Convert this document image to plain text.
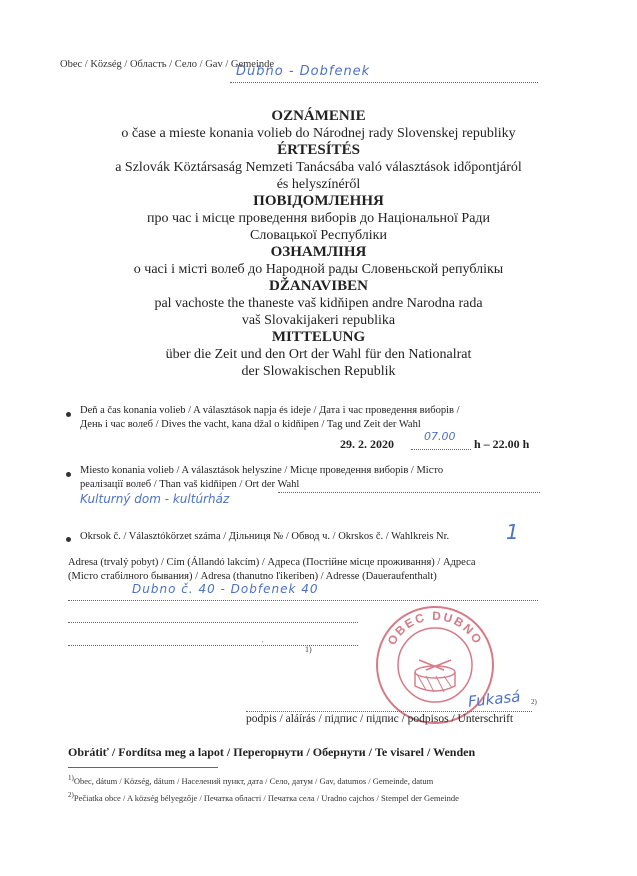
Obec / Község / Область / Село / Gav / Gemeinde
Dubno - Dobfenek
OZNÁMENIE
o čase a mieste konania volieb do Národnej rady Slovenskej republiky
ÉRTESÍTÉS
a Szlovák Köztársaság Nemzeti Tanácsába való választások időpontjáról
és helyszínéről
ПОВІДОМЛЕННЯ
про час і місце проведення виборів до Національної Ради
Словацької Республіки
ОЗНАМЛІНЯ
о часі і місті волеб до Народной рады Словеньской републікы
DŽANAVIBEN
pal vachoste the thaneste vaš kidňipen andre Narodna rada
vaš Slovakijakeri republika
MITTELUNG
über die Zeit und den Ort der Wahl für den Nationalrat
der Slowakischen Republik
Deň a čas konania volieb / A választások napja és ideje / Дата і час проведення виборів /
День і час волеб / Dives the vacht, kana džal o kidňipen / Tag und Zeit der Wahl
29. 2. 2020
07.00
h – 22.00 h
Miesto konania volieb / A választások helyszíne / Місце проведення виборів / Місто
реалізації волеб / Than vaš kidňipen / Ort der Wahl
Kulturný dom - kultúrház
Okrsok č. / Választókörzet száma / Дільниця № / Обвод ч. / Okrskos č. / Wahlkreis Nr.	1
Adresa (trvalý pobyt) / Cím (Állandó lakcím) / Адреса (Постійне місце проживання) / Адреса
(Місто стабілного бывания) / Adresa (thanutno ľikeriben) / Adresse (Daueraufenthalt)
Dubno č. 40 - Dobfenek 40
'
1)
OBEC DUBNO
Fukasá 2)
podpis / aláírás / підпис / підпис / podpisos / Unterschrift
Obrátiť / Fordítsa meg a lapot / Перегорнути / Обернути / Te visarel / Wenden
$^{1)}$Obec, dátum / Község, dátum / Населений пункт, дата / Село, датум / Gav, datumos / Gemeinde, datum
$^{2)}$Pečiatka obce / A község bélyegzője / Печатка області / Печатка села / Uradno cajchos / Stempel der Gemeinde
